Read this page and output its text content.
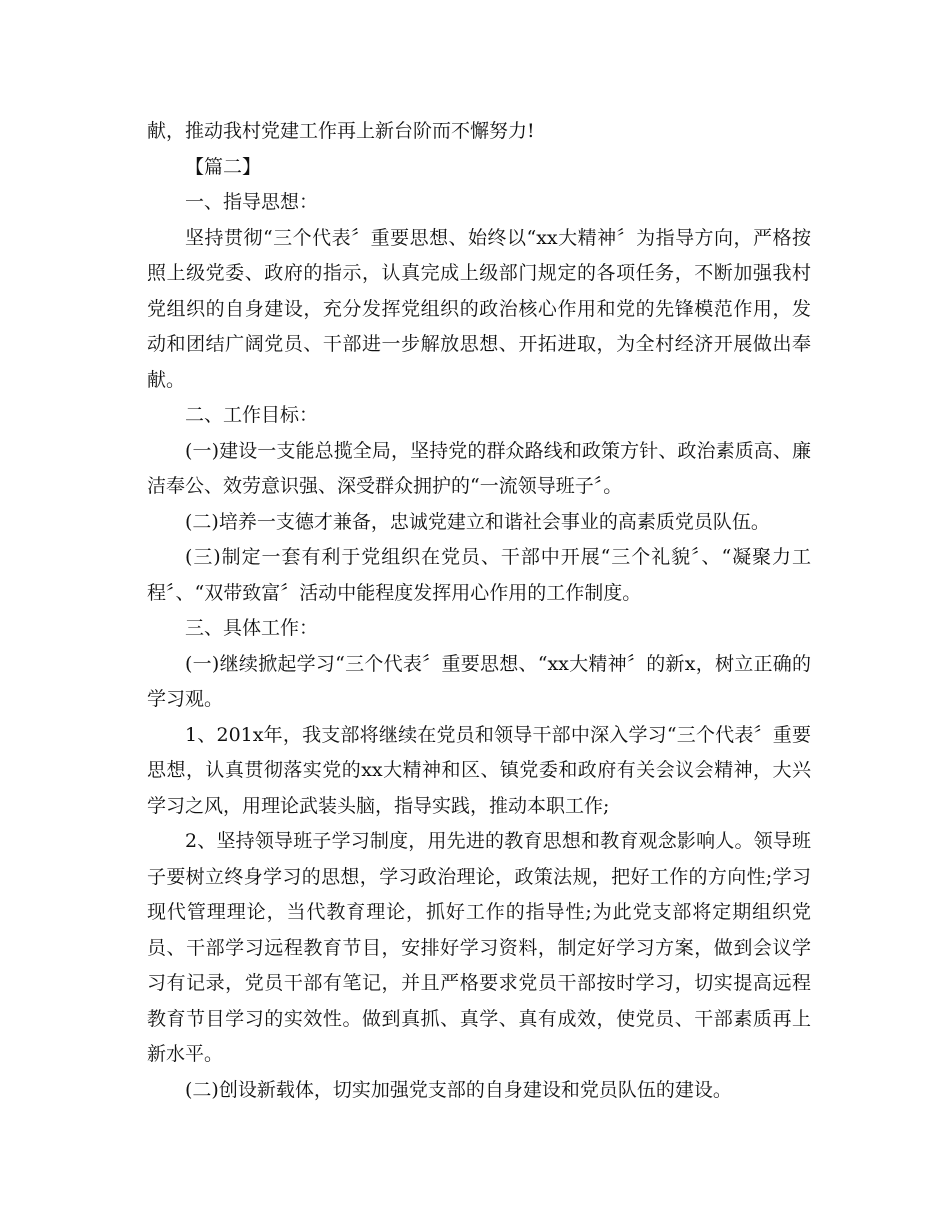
献，推动我村党建工作再上新台阶而不懈努力!

【篇二】

一、指导思想：

坚持贯彻“三个代表〞重要思想、始终以“xx大精神〞为指导方向，严格按照上级党委、政府的指示，认真完成上级部门规定的各项任务，不断加强我村党组织的自身建设，充分发挥党组织的政治核心作用和党的先锋模范作用，发动和团结广阔党员、干部进一步解放思想、开拓进取，为全村经济开展做出奉献。

二、工作目标：

(一)建设一支能总揽全局，坚持党的群众路线和政策方针、政治素质高、廉洁奉公、效劳意识强、深受群众拥护的“一流领导班子〞。

(二)培养一支德才兼备，忠诚党建立和谐社会事业的高素质党员队伍。

(三)制定一套有利于党组织在党员、干部中开展“三个礼貌〞、“凝聚力工程〞、“双带致富〞活动中能程度发挥用心作用的工作制度。

三、具体工作：

(一)继续掀起学习“三个代表〞重要思想、“xx大精神〞的新x，树立正确的学习观。

1、201x年，我支部将继续在党员和领导干部中深入学习“三个代表〞重要思想，认真贯彻落实党的xx大精神和区、镇党委和政府有关会议会精神，大兴学习之风，用理论武装头脑，指导实践，推动本职工作;

2、坚持领导班子学习制度，用先进的教育思想和教育观念影响人。领导班子要树立终身学习的思想，学习政治理论，政策法规，把好工作的方向性;学习现代管理理论，当代教育理论，抓好工作的指导性;为此党支部将定期组织党员、干部学习远程教育节目，安排好学习资料，制定好学习方案，做到会议学习有记录，党员干部有笔记，并且严格要求党员干部按时学习，切实提高远程教育节目学习的实效性。做到真抓、真学、真有成效，使党员、干部素质再上新水平。

(二)创设新载体，切实加强党支部的自身建设和党员队伍的建设。
